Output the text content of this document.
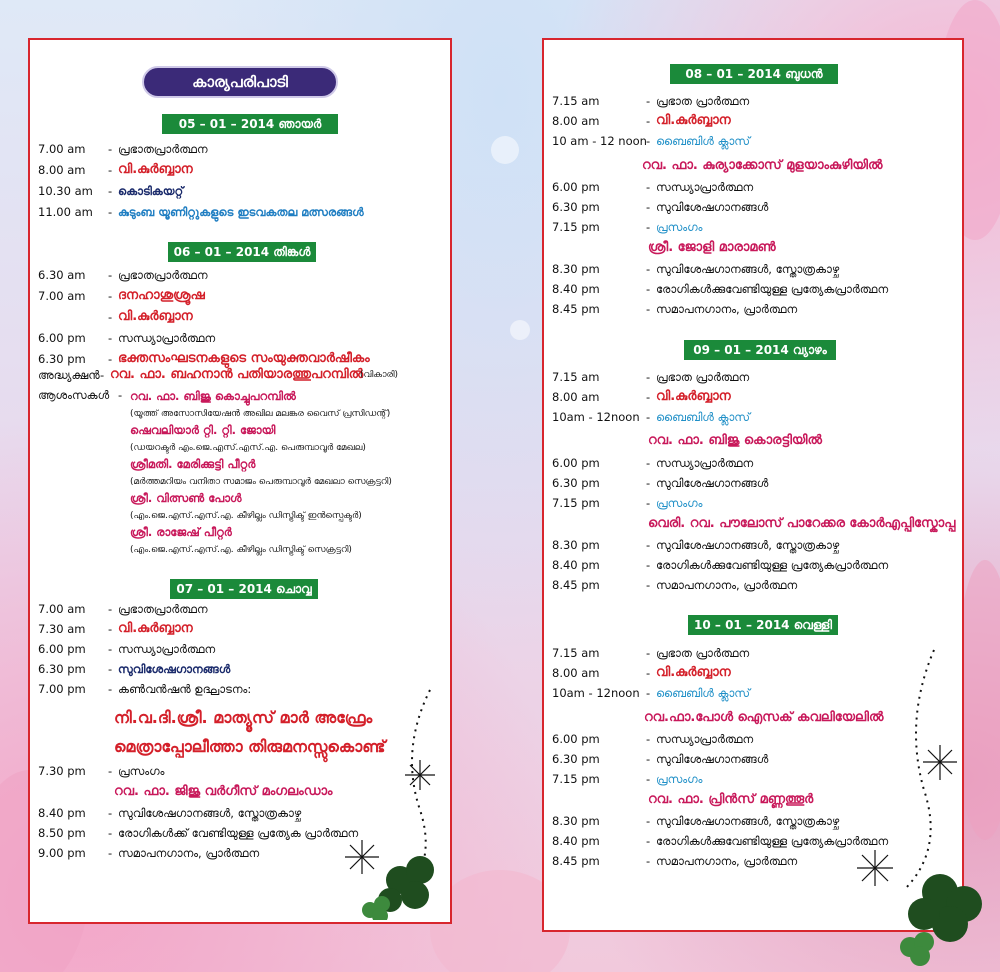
കാര്യപരിപാടി
05 – 01 – 2014 ഞായർ
7.00 am	- പ്രഭാതപ്രാർത്ഥന
8.00 am	- വി.കുർബ്ബാന
10.30 am	- കൊടികയറ്റ്
11.00 am	- കുടുംബ യൂണിറ്റുകളുടെ ഇടവകതല മത്സരങ്ങൾ
06 – 01 – 2014 തിങ്കൾ
6.30 am	- പ്രഭാതപ്രാർത്ഥന
7.00 am	- ദനഹാശുശ്രൂഷ
- വി.കുർബ്ബാന
6.00 pm	- സന്ധ്യാപ്രാർത്ഥന
6.30 pm	- ഭക്തസംഘടനകളുടെ സംയുക്തവാർഷീകം
അദ്ധ്യക്ഷൻ - റവ. ഫാ. ബഹനാൻ പതിയാരത്തുപറമ്പിൽ
(വികാരി)
ആശംസകൾ - റവ. ഫാ. ബിജു കൊച്ചുപറമ്പിൽ
(യൂത്ത് അസോസിയേഷൻ അഖില മലങ്കര വൈസ് പ്രസിഡന്റ്)
ഷെവലിയാർ റ്റി. റ്റി. ജോയി
(ഡയറക്ടർ എം.ജെ.എസ്.എസ്.എ. പെരുമ്പാവൂർ മേഖല)
ശ്രീമതി. മേരിക്കുട്ടി പീറ്റർ
(മർത്തമറിയം വനിതാ സമാജം പെരുമ്പാവൂർ മേഖലാ സെക്രട്ടറി)
ശ്രീ. വിത്സൺ പോൾ
(എം.ജെ.എസ്.എസ്.എ. കീഴില്ലം ഡിസ്ട്രിക്ട് ഇൻസ്പെക്ടർ)
ശ്രീ. രാജേഷ് പീറ്റർ
(എം.ജെ.എസ്.എസ്.എ. കീഴില്ലം ഡിസ്ട്രിക്ട് സെക്രട്ടറി)
07 – 01 – 2014 ചൊവ്വ
7.00 am	- പ്രഭാതപ്രാർത്ഥന
7.30 am	- വി.കുർബ്ബാന
6.00 pm	- സന്ധ്യാപ്രാർത്ഥന
6.30 pm	- സുവിശേഷഗാനങ്ങൾ
7.00 pm	- കൺവൻഷൻ ഉദ്ഘാടനം:
നി.വ.ദി.ശ്രീ. മാത്യൂസ് മാർ അഫ്രേം
മെത്രാപ്പോലീത്താ തിരുമനസ്സുകൊണ്ട്
7.30 pm	- പ്രസംഗം
റവ. ഫാ. ജിജു വർഗീസ് മംഗലംഡാം
8.40 pm	- സുവിശേഷഗാനങ്ങൾ, സ്തോത്രകാഴ്ച
8.50 pm	- രോഗികൾക്ക് വേണ്ടിയുള്ള പ്രത്യേക പ്രാർത്ഥന
9.00 pm	- സമാപനഗാനം, പ്രാർത്ഥന
08 – 01 – 2014 ബുധൻ
7.15 am	- പ്രഭാത പ്രാർത്ഥന
8.00 am	- വി.കുർബ്ബാന
10 am - 12 noon - ബൈബിൾ ക്ലാസ്
റവ. ഫാ. കുര്യാക്കോസ് മുളയാംകുഴിയിൽ
6.00 pm	- സന്ധ്യാപ്രാർത്ഥന
6.30 pm	- സുവിശേഷഗാനങ്ങൾ
7.15 pm	- പ്രസംഗം
ശ്രീ. ജോളി മാരാമൺ
8.30 pm	- സുവിശേഷഗാനങ്ങൾ, സ്തോത്രകാഴ്ച
8.40 pm	- രോഗികൾക്കുവേണ്ടിയുള്ള പ്രത്യേകപ്രാർത്ഥന
8.45 pm	- സമാപനഗാനം, പ്രാർത്ഥന
09 – 01 – 2014 വ്യാഴം
7.15 am	- പ്രഭാത പ്രാർത്ഥന
8.00 am	- വി.കുർബ്ബാന
10am - 12noon - ബൈബിൾ ക്ലാസ്
റവ. ഫാ. ബിജു കൊരട്ടിയിൽ
6.00 pm	- സന്ധ്യാപ്രാർത്ഥന
6.30 pm	- സുവിശേഷഗാനങ്ങൾ
7.15 pm	- പ്രസംഗം
വെരി. റവ. പൗലോസ് പാറേക്കര കോർഎപ്പിസ്കോപ്പ
8.30 pm	- സുവിശേഷഗാനങ്ങൾ, സ്തോത്രകാഴ്ച
8.40 pm	- രോഗികൾക്കുവേണ്ടിയുള്ള പ്രത്യേകപ്രാർത്ഥന
8.45 pm	- സമാപനഗാനം, പ്രാർത്ഥന
10 – 01 – 2014 വെള്ളി
7.15 am	- പ്രഭാത പ്രാർത്ഥന
8.00 am	- വി.കുർബ്ബാന
10am - 12noon - ബൈബിൾ ക്ലാസ്
റവ.ഫാ.പോൾ ഐസക് കവലിയേലിൽ
6.00 pm	- സന്ധ്യാപ്രാർത്ഥന
6.30 pm	- സുവിശേഷഗാനങ്ങൾ
7.15 pm	- പ്രസംഗം
റവ. ഫാ. പ്രിൻസ് മണ്ണത്തൂർ
8.30 pm	- സുവിശേഷഗാനങ്ങൾ, സ്തോത്രകാഴ്ച
8.40 pm	- രോഗികൾക്കുവേണ്ടിയുള്ള പ്രത്യേകപ്രാർത്ഥന
8.45 pm	- സമാപനഗാനം, പ്രാർത്ഥന
